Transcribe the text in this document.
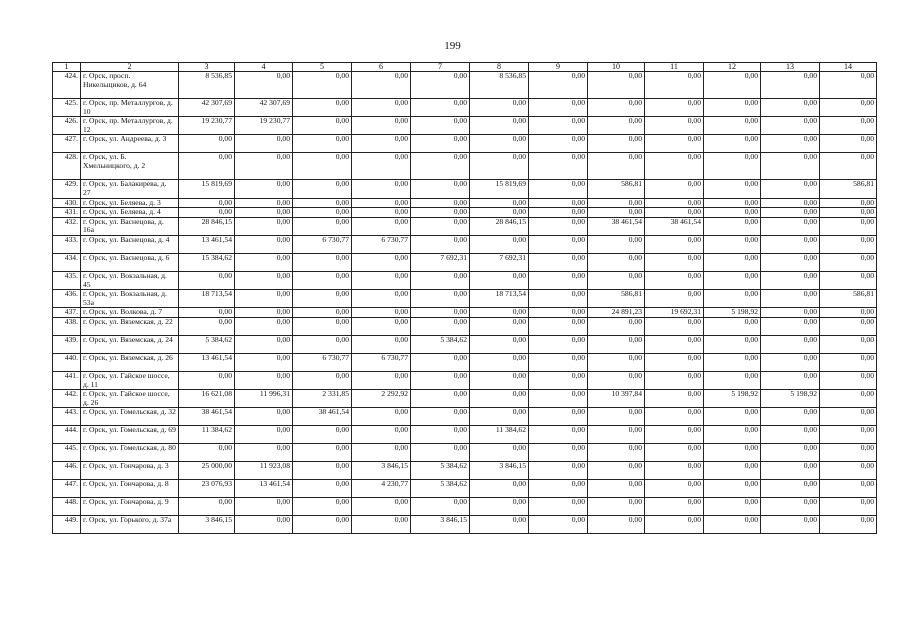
199
1	2	3	4	5	6	7	8	9	10	11	12	13	14
424.	г. Орск, просп. Никельщиков, д. 64	8 536,85	0,00	0,00	0,00	0,00	8 536,85	0,00	0,00	0,00	0,00	0,00	0,00
425.	г. Орск, пр. Металлургов, д. 10	42 307,69	42 307,69	0,00	0,00	0,00	0,00	0,00	0,00	0,00	0,00	0,00	0,00
426.	г. Орск, пр. Металлургов, д. 12	19 230,77	19 230,77	0,00	0,00	0,00	0,00	0,00	0,00	0,00	0,00	0,00	0,00
427.	г. Орск, ул. Андреева, д. 3	0,00	0,00	0,00	0,00	0,00	0,00	0,00	0,00	0,00	0,00	0,00	0,00
428.	г. Орск, ул. Б. Хмельницкого, д. 2	0,00	0,00	0,00	0,00	0,00	0,00	0,00	0,00	0,00	0,00	0,00	0,00
429.	г. Орск, ул. Балакирева, д. 27	15 819,69	0,00	0,00	0,00	0,00	15 819,69	0,00	586,81	0,00	0,00	0,00	586,81
430.	г. Орск, ул. Беляева, д. 3	0,00	0,00	0,00	0,00	0,00	0,00	0,00	0,00	0,00	0,00	0,00	0,00
431.	г. Орск, ул. Беляева, д. 4	0,00	0,00	0,00	0,00	0,00	0,00	0,00	0,00	0,00	0,00	0,00	0,00
432.	г. Орск, ул. Васнецова, д. 16а	28 846,15	0,00	0,00	0,00	0,00	28 846,15	0,00	38 461,54	38 461,54	0,00	0,00	0,00
433.	г. Орск, ул. Васнецова, д. 4	13 461,54	0,00	6 730,77	6 730,77	0,00	0,00	0,00	0,00	0,00	0,00	0,00	0,00
434.	г. Орск, ул. Васнецова, д. 6	15 384,62	0,00	0,00	0,00	7 692,31	7 692,31	0,00	0,00	0,00	0,00	0,00	0,00
435.	г. Орск, ул. Вокзальная, д. 45	0,00	0,00	0,00	0,00	0,00	0,00	0,00	0,00	0,00	0,00	0,00	0,00
436.	г. Орск, ул. Вокзальная, д. 53а	18 713,54	0,00	0,00	0,00	0,00	18 713,54	0,00	586,81	0,00	0,00	0,00	586,81
437.	г. Орск, ул. Волкова, д. 7	0,00	0,00	0,00	0,00	0,00	0,00	0,00	24 891,23	19 692,31	5 198,92	0,00	0,00
438.	г. Орск, ул. Вяземская, д. 22	0,00	0,00	0,00	0,00	0,00	0,00	0,00	0,00	0,00	0,00	0,00	0,00
439.	г. Орск, ул. Вяземская, д. 24	5 384,62	0,00	0,00	0,00	5 384,62	0,00	0,00	0,00	0,00	0,00	0,00	0,00
440.	г. Орск, ул. Вяземская, д. 26	13 461,54	0,00	6 730,77	6 730,77	0,00	0,00	0,00	0,00	0,00	0,00	0,00	0,00
441.	г. Орск, ул. Гайское шоссе, д. 11	0,00	0,00	0,00	0,00	0,00	0,00	0,00	0,00	0,00	0,00	0,00	0,00
442.	г. Орск, ул. Гайское шоссе, д. 26	16 621,08	11 996,31	2 331,85	2 292,92	0,00	0,00	0,00	10 397,84	0,00	5 198,92	5 198,92	0,00
443.	г. Орск, ул. Гомельская, д. 32	38 461,54	0,00	38 461,54	0,00	0,00	0,00	0,00	0,00	0,00	0,00	0,00	0,00
444.	г. Орск, ул. Гомельская, д. 69	11 384,62	0,00	0,00	0,00	0,00	11 384,62	0,00	0,00	0,00	0,00	0,00	0,00
445.	г. Орск, ул. Гомельская, д. 80	0,00	0,00	0,00	0,00	0,00	0,00	0,00	0,00	0,00	0,00	0,00	0,00
446.	г. Орск, ул. Гончарова, д. 3	25 000,00	11 923,08	0,00	3 846,15	5 384,62	3 846,15	0,00	0,00	0,00	0,00	0,00	0,00
447.	г. Орск, ул. Гончарова, д. 8	23 076,93	13 461,54	0,00	4 230,77	5 384,62	0,00	0,00	0,00	0,00	0,00	0,00	0,00
448.	г. Орск, ул. Гончарова, д. 9	0,00	0,00	0,00	0,00	0,00	0,00	0,00	0,00	0,00	0,00	0,00	0,00
449.	г. Орск, ул. Горького, д. 37а	3 846,15	0,00	0,00	0,00	3 846,15	0,00	0,00	0,00	0,00	0,00	0,00	0,00
